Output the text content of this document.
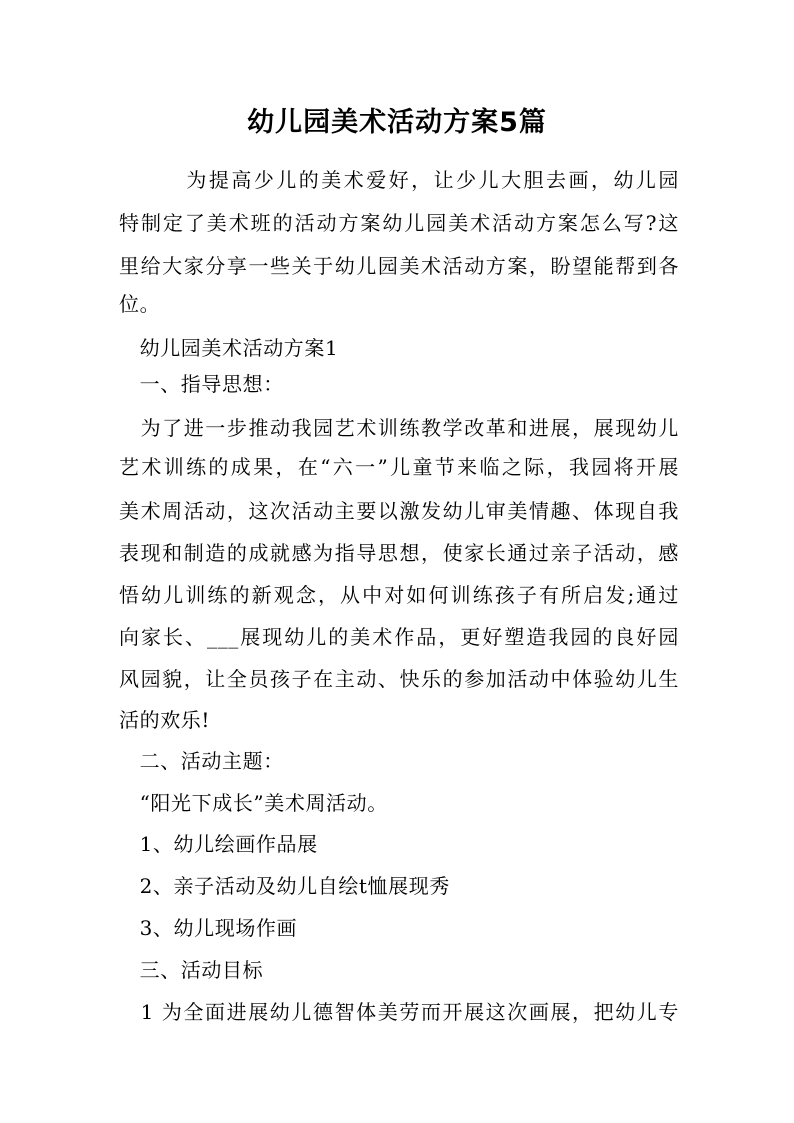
幼儿园美术活动方案5篇
　　　为提高少儿的美术爱好，让少儿大胆去画，幼儿园
特制定了美术班的活动方案幼儿园美术活动方案怎么写?这
里给大家分享一些关于幼儿园美术活动方案，盼望能帮到各
位。
　幼儿园美术活动方案1
　一、指导思想：
　为了进一步推动我园艺术训练教学改革和进展，展现幼儿
艺术训练的成果，在“六一”儿童节来临之际，我园将开展
美术周活动，这次活动主要以激发幼儿审美情趣、体现自我
表现和制造的成就感为指导思想，使家长通过亲子活动，感
悟幼儿训练的新观念，从中对如何训练孩子有所启发;通过
向家长、___展现幼儿的美术作品，更好塑造我园的良好园
风园貌，让全员孩子在主动、快乐的参加活动中体验幼儿生
活的欢乐!
　二、活动主题：
　“阳光下成长”美术周活动。
　1、幼儿绘画作品展
　2、亲子活动及幼儿自绘t恤展现秀
　3、幼儿现场作画
　三、活动目标
　1 为全面进展幼儿德智体美劳而开展这次画展，把幼儿专
